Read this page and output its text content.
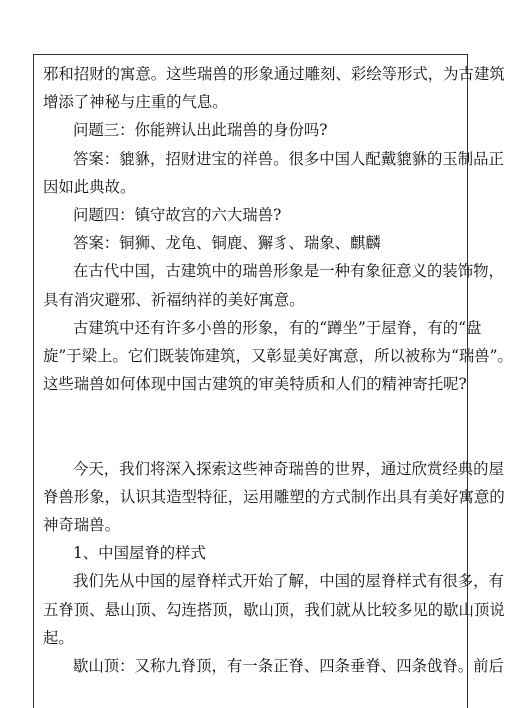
邪和招财的寓意。这些瑞兽的形象通过雕刻、彩绘等形式，为古建筑
增添了神秘与庄重的气息。
问题三：你能辨认出此瑞兽的身份吗?
答案：貔貅，招财进宝的祥兽。很多中国人配戴貔貅的玉制品正
因如此典故。
问题四：镇守故宫的六大瑞兽?
答案：铜狮、龙龟、铜鹿、獬豸、瑞象、麒麟
在古代中国，古建筑中的瑞兽形象是一种有象征意义的装饰物，
具有消灾避邪、祈福纳祥的美好寓意。
古建筑中还有许多小兽的形象，有的“蹲坐”于屋脊，有的“盘
旋”于梁上。它们既装饰建筑，又彰显美好寓意，所以被称为“瑞兽”。
这些瑞兽如何体现中国古建筑的审美特质和人们的精神寄托呢?
今天，我们将深入探索这些神奇瑞兽的世界，通过欣赏经典的屋
脊兽形象，认识其造型特征，运用雕塑的方式制作出具有美好寓意的
神奇瑞兽。
1、中国屋脊的样式
我们先从中国的屋脊样式开始了解，中国的屋脊样式有很多，有
五脊顶、悬山顶、勾连搭顶，歇山顶，我们就从比较多见的歇山顶说
起。
歇山顶：又称九脊顶，有一条正脊、四条垂脊、四条戗脊。前后
